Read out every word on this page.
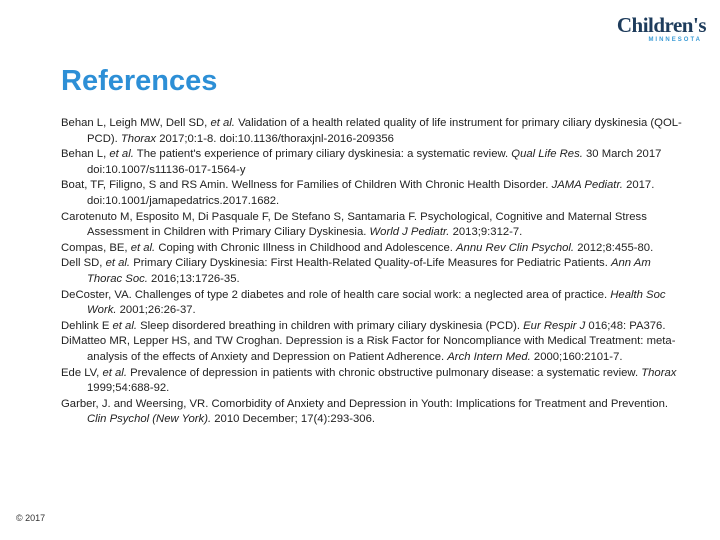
Children's
MINNESOTA
References
Behan L, Leigh MW, Dell SD, et al. Validation of a health related quality of life instrument for primary ciliary dyskinesia (QOL-PCD). Thorax 2017;0:1-8. doi:10.1136/thoraxjnl-2016-209356
Behan L, et al. The patient's experience of primary ciliary dyskinesia: a systematic review. Qual Life Res. 30 March 2017 doi:10.1007/s11136-017-1564-y
Boat, TF, Filigno, S and RS Amin. Wellness for Families of Children With Chronic Health Disorder. JAMA Pediatr. 2017. doi:10.1001/jamapedatrics.2017.1682.
Carotenuto M, Esposito M, Di Pasquale F, De Stefano S, Santamaria F. Psychological, Cognitive and Maternal Stress Assessment in Children with Primary Ciliary Dyskinesia. World J Pediatr. 2013;9:312-7.
Compas, BE, et al. Coping with Chronic Illness in Childhood and Adolescence. Annu Rev Clin Psychol. 2012;8:455-80.
Dell SD, et al. Primary Ciliary Dyskinesia: First Health-Related Quality-of-Life Measures for Pediatric Patients. Ann Am Thorac Soc. 2016;13:1726-35.
DeCoster, VA. Challenges of type 2 diabetes and role of health care social work: a neglected area of practice. Health Soc Work. 2001;26:26-37.
Dehlink E et al. Sleep disordered breathing in children with primary ciliary dyskinesia (PCD). Eur Respir J 016;48: PA376.
DiMatteo MR, Lepper HS, and TW Croghan. Depression is a Risk Factor for Noncompliance with Medical Treatment: meta-analysis of the effects of Anxiety and Depression on Patient Adherence. Arch Intern Med. 2000;160:2101-7.
Ede LV, et al. Prevalence of depression in patients with chronic obstructive pulmonary disease: a systematic review. Thorax 1999;54:688-92.
Garber, J. and Weersing, VR. Comorbidity of Anxiety and Depression in Youth: Implications for Treatment and Prevention. Clin Psychol (New York). 2010 December; 17(4):293-306.
© 2017
